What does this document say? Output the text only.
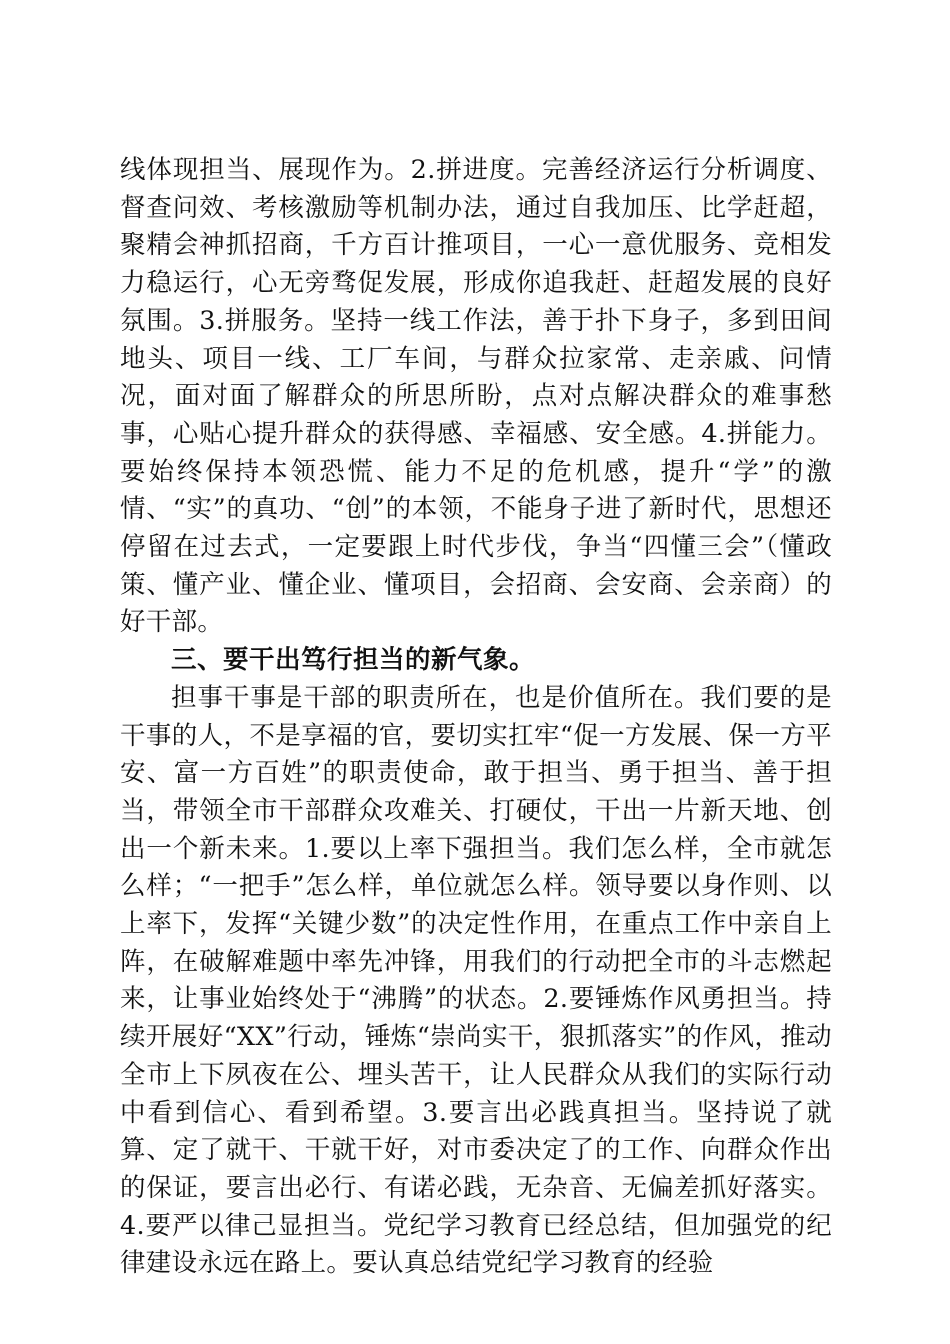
线体现担当、展现作为。2.拼进度。完善经济运行分析调度、督查问效、考核激励等机制办法，通过自我加压、比学赶超，聚精会神抓招商，千方百计推项目，一心一意优服务、竞相发力稳运行，心无旁骛促发展，形成你追我赶、赶超发展的良好氛围。3.拼服务。坚持一线工作法，善于扑下身子，多到田间地头、项目一线、工厂车间，与群众拉家常、走亲戚、问情况，面对面了解群众的所思所盼，点对点解决群众的难事愁事，心贴心提升群众的获得感、幸福感、安全感。4.拼能力。要始终保持本领恐慌、能力不足的危机感，提升“学”的激情、“实”的真功、“创”的本领，不能身子进了新时代，思想还停留在过去式，一定要跟上时代步伐，争当“四懂三会”（懂政策、懂产业、懂企业、懂项目，会招商、会安商、会亲商）的好干部。

三、要干出笃行担当的新气象。

担事干事是干部的职责所在，也是价值所在。我们要的是干事的人，不是享福的官，要切实扛牢“促一方发展、保一方平安、富一方百姓”的职责使命，敢于担当、勇于担当、善于担当，带领全市干部群众攻难关、打硬仗，干出一片新天地、创出一个新未来。1.要以上率下强担当。我们怎么样，全市就怎么样；“一把手”怎么样，单位就怎么样。领导要以身作则、以上率下，发挥“关键少数”的决定性作用，在重点工作中亲自上阵，在破解难题中率先冲锋，用我们的行动把全市的斗志燃起来，让事业始终处于“沸腾”的状态。2.要锤炼作风勇担当。持续开展好“XX”行动，锤炼“崇尚实干，狠抓落实”的作风，推动全市上下夙夜在公、埋头苦干，让人民群众从我们的实际行动中看到信心、看到希望。3.要言出必践真担当。坚持说了就算、定了就干、干就干好，对市委决定了的工作、向群众作出的保证，要言出必行、有诺必践，无杂音、无偏差抓好落实。4.要严以律己显担当。党纪学习教育已经总结，但加强党的纪律建设永远在路上。要认真总结党纪学习教育的经验
